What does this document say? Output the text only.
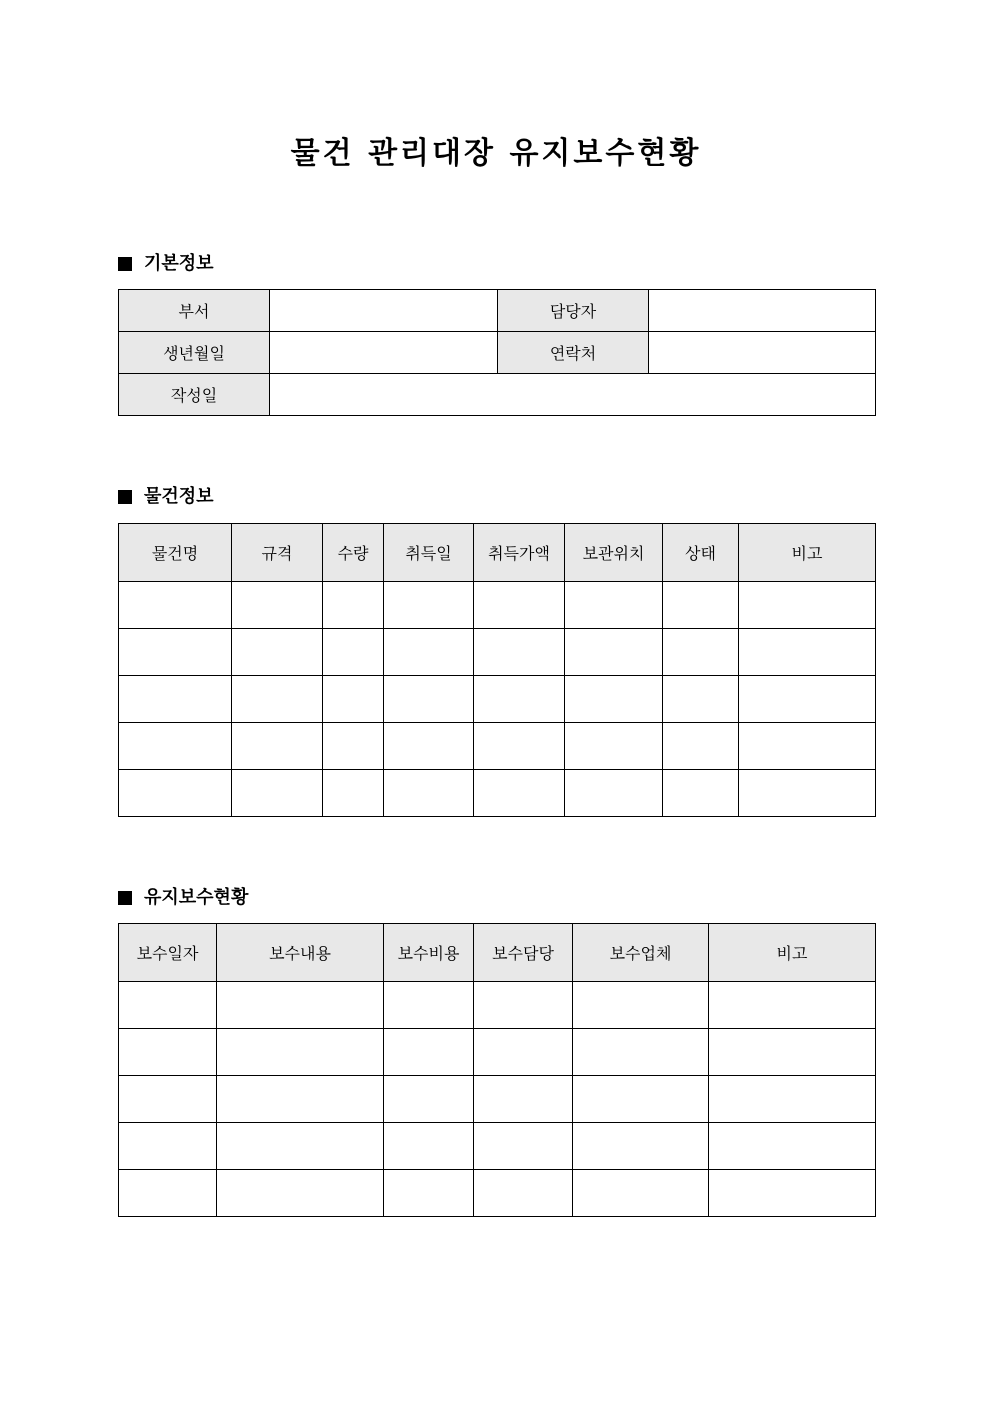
물건 관리대장 유지보수현황
기본정보
부서		담당자	
생년월일		연락처	
작성일			
물건정보
물건명	규격	수량	취득일	취득가액	보관위치	상태	비고

유지보수현황
보수일자	보수내용	보수비용	보수담당	보수업체	비고
